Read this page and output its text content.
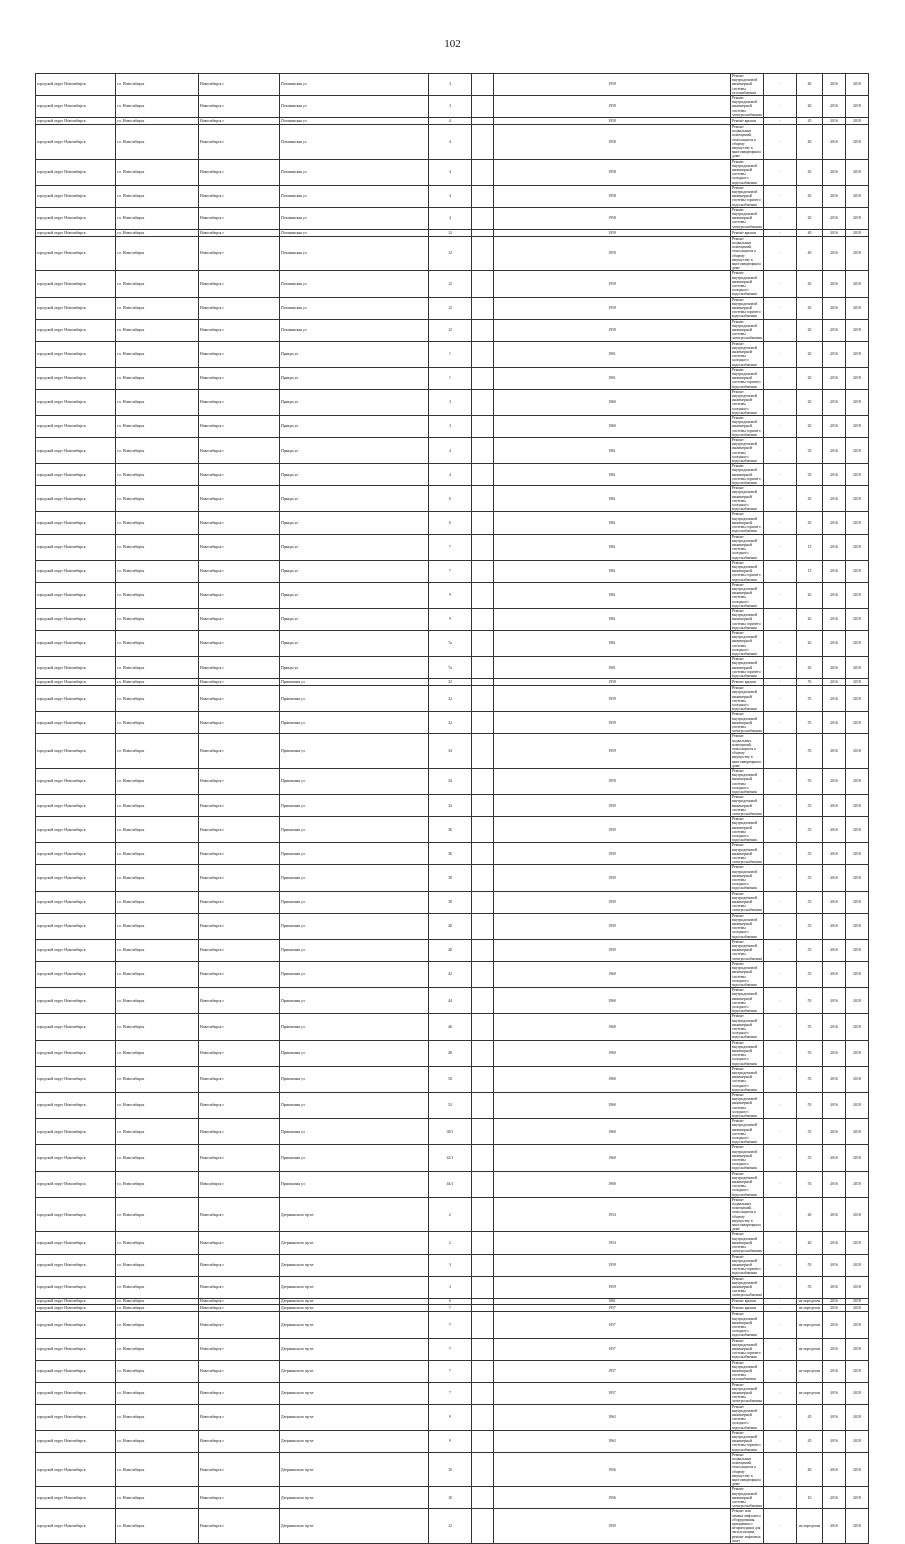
102
городской округ Новосибирск	г.о. Новосибирск	Новосибирск г	Потанинская ул	3		1959	Ремонт внутридомовой инженерной системы газоснабжения	-	40	2016	2018
городской округ Новосибирск	г.о. Новосибирск	Новосибирск г	Потанинская ул	3		1959	Ремонт внутридомовой инженерной системы электроснабжения	-	40	2016	2018
городской округ Новосибирск	г.о. Новосибирск	Новосибирск г	Потанинская ул	4		1958	Ремонт крыши	-	45	2016	2018
городской округ Новосибирск	г.о. Новосибирск	Новосибирск г	Потанинская ул	4		1958	Ремонт подвальных помещений, относящихся к общему имуществу в многоквартирном доме	-	40	2016	2018
городской округ Новосибирск	г.о. Новосибирск	Новосибирск г	Потанинская ул	4		1958	Ремонт внутридомовой инженерной системы холодного водоснабжения	-	45	2016	2018
городской округ Новосибирск	г.о. Новосибирск	Новосибирск г	Потанинская ул	4		1958	Ремонт внутридомовой инженерной системы горячего водоснабжения	-	45	2016	2018
городской округ Новосибирск	г.о. Новосибирск	Новосибирск г	Потанинская ул	4		1958	Ремонт внутридомовой инженерной системы электроснабжения	-	45	2016	2018
городской округ Новосибирск	г.о. Новосибирск	Новосибирск г	Потанинская ул	12		1959	Ремонт крыши	-	40	2016	2018
городской округ Новосибирск	г.о. Новосибирск	Новосибирск г	Потанинская ул	12		1959	Ремонт подвальных помещений, относящихся к общему имуществу в многоквартирном доме	-	40	2016	2018
городской округ Новосибирск	г.о. Новосибирск	Новосибирск г	Потанинская ул	12		1959	Ремонт внутридомовой инженерной системы холодного водоснабжения	-	45	2016	2018
городской округ Новосибирск	г.о. Новосибирск	Новосибирск г	Потанинская ул	12		1959	Ремонт внутридомовой инженерной системы горячего водоснабжения	-	45	2016	2018
городской округ Новосибирск	г.о. Новосибирск	Новосибирск г	Потанинская ул	12		1959	Ремонт внутридомовой инженерной системы электроснабжения	-	45	2016	2018
городской округ Новосибирск	г.о. Новосибирск	Новосибирск г	Правды ул	1		1961	Ремонт внутридомовой инженерной системы холодного водоснабжения	-	45	2016	2018
городской округ Новосибирск	г.о. Новосибирск	Новосибирск г	Правды ул	1		1961	Ремонт внутридомовой инженерной системы горячего водоснабжения	-	45	2016	2018
городской округ Новосибирск	г.о. Новосибирск	Новосибирск г	Правды ул	3		1960	Ремонт внутридомовой инженерной системы холодного водоснабжения	-	45	2016	2018
городской округ Новосибирск	г.о. Новосибирск	Новосибирск г	Правды ул	3		1960	Ремонт внутридомовой инженерной системы горячего водоснабжения	-	45	2016	2018
городской округ Новосибирск	г.о. Новосибирск	Новосибирск г	Правды ул	4		1961	Ремонт внутридомовой инженерной системы холодного водоснабжения	-	35	2016	2018
городской округ Новосибирск	г.о. Новосибирск	Новосибирск г	Правды ул	4		1961	Ремонт внутридомовой инженерной системы горячего водоснабжения	-	35	2016	2018
городской округ Новосибирск	г.о. Новосибирск	Новосибирск г	Правды ул	6		1961	Ремонт внутридомовой инженерной системы холодного водоснабжения	-	45	2016	2018
городской округ Новосибирск	г.о. Новосибирск	Новосибирск г	Правды ул	6		1961	Ремонт внутридомовой инженерной системы горячего водоснабжения	-	45	2016	2018
городской округ Новосибирск	г.о. Новосибирск	Новосибирск г	Правды ул	7		1961	Ремонт внутридомовой инженерной системы холодного водоснабжения	-	15	2016	2018
городской округ Новосибирск	г.о. Новосибирск	Новосибирск г	Правды ул	7		1961	Ремонт внутридомовой инженерной системы горячего водоснабжения	-	15	2016	2018
городской округ Новосибирск	г.о. Новосибирск	Новосибирск г	Правды ул	9		1961	Ремонт внутридомовой инженерной системы холодного водоснабжения	-	20	2016	2018
городской округ Новосибирск	г.о. Новосибирск	Новосибирск г	Правды ул	9		1961	Ремонт внутридомовой инженерной системы горячего водоснабжения	-	20	2016	2018
городской округ Новосибирск	г.о. Новосибирск	Новосибирск г	Правды ул	7а		1961	Ремонт внутридомовой инженерной системы холодного водоснабжения	-	20	2016	2018
городской округ Новосибирск	г.о. Новосибирск	Новосибирск г	Правды ул	7а		1961	Ремонт внутридомовой инженерной системы горячего водоснабжения	-	45	2016	2018
городской округ Новосибирск	г.о. Новосибирск	Новосибирск г	Приисковая ул	32		1959	Ремонт крыши	-	55	2016	2018
городской округ Новосибирск	г.о. Новосибирск	Новосибирск г	Приисковая ул	32		1959	Ремонт внутридомовой инженерной системы холодного водоснабжения	-	55	2016	2018
городской округ Новосибирск	г.о. Новосибирск	Новосибирск г	Приисковая ул	32		1959	Ремонт внутридомовой инженерной системы электроснабжения	-	55	2016	2018
городской округ Новосибирск	г.о. Новосибирск	Новосибирск г	Приисковая ул	34		1959	Ремонт подвальных помещений, относящихся к общему имуществу в многоквартирном доме	-	55	2016	2018
городской округ Новосибирск	г.о. Новосибирск	Новосибирск г	Приисковая ул	34		1959	Ремонт внутридомовой инженерной системы холодного водоснабжения	-	55	2016	2018
городской округ Новосибирск	г.о. Новосибирск	Новосибирск г	Приисковая ул	34		1959	Ремонт внутридомовой инженерной системы электроснабжения	-	55	2016	2018
городской округ Новосибирск	г.о. Новосибирск	Новосибирск г	Приисковая ул	36		1959	Ремонт внутридомовой инженерной системы холодного водоснабжения	-	55	2016	2018
городской округ Новосибирск	г.о. Новосибирск	Новосибирск г	Приисковая ул	36		1959	Ремонт внутридомовой инженерной системы электроснабжения	-	55	2016	2018
городской округ Новосибирск	г.о. Новосибирск	Новосибирск г	Приисковая ул	38		1959	Ремонт внутридомовой инженерной системы холодного водоснабжения	-	55	2016	2018
городской округ Новосибирск	г.о. Новосибирск	Новосибирск г	Приисковая ул	38		1959	Ремонт внутридомовой инженерной системы электроснабжения	-	55	2016	2018
городской округ Новосибирск	г.о. Новосибирск	Новосибирск г	Приисковая ул	40		1959	Ремонт внутридомовой инженерной системы холодного водоснабжения	-	55	2016	2018
городской округ Новосибирск	г.о. Новосибирск	Новосибирск г	Приисковая ул	40		1959	Ремонт внутридомовой инженерной системы электроснабжения	-	55	2016	2018
городской округ Новосибирск	г.о. Новосибирск	Новосибирск г	Приисковая ул	42		1960	Ремонт внутридомовой инженерной системы холодного водоснабжения	-	55	2016	2018
городской округ Новосибирск	г.о. Новосибирск	Новосибирск г	Приисковая ул	44		1960	Ремонт внутридомовой инженерной системы холодного водоснабжения	-	55	2016	2018
городской округ Новосибирск	г.о. Новосибирск	Новосибирск г	Приисковая ул	46		1960	Ремонт внутридомовой инженерной системы холодного водоснабжения	-	55	2016	2018
городской округ Новосибирск	г.о. Новосибирск	Новосибирск г	Приисковая ул	48		1960	Ремонт внутридомовой инженерной системы холодного водоснабжения	-	55	2016	2018
городской округ Новосибирск	г.о. Новосибирск	Новосибирск г	Приисковая ул	50		1960	Ремонт внутридомовой инженерной системы холодного водоснабжения	-	55	2016	2018
городской округ Новосибирск	г.о. Новосибирск	Новосибирск г	Приисковая ул	52		1960	Ремонт внутридомовой инженерной системы холодного водоснабжения	-	55	2016	2018
городской округ Новосибирск	г.о. Новосибирск	Новосибирск г	Приисковая ул	38/1		1960	Ремонт внутридомовой инженерной системы холодного водоснабжения	-	55	2016	2018
городской округ Новосибирск	г.о. Новосибирск	Новосибирск г	Приисковая ул	42/1		1960	Ремонт внутридомовой инженерной системы холодного водоснабжения	-	55	2016	2018
городской округ Новосибирск	г.о. Новосибирск	Новосибирск г	Приисковая ул	44/1		1960	Ремонт внутридомовой инженерной системы холодного водоснабжения	-	55	2016	2018
городской округ Новосибирск	г.о. Новосибирск	Новосибирск г	Дзержинского пр-кт	2		1954	Ремонт подвальных помещений, относящихся к общему имуществу в многоквартирном доме	-	40	2016	2018
городской округ Новосибирск	г.о. Новосибирск	Новосибирск г	Дзержинского пр-кт	2		1954	Ремонт внутридомовой инженерной системы электроснабжения	-	40	2016	2018
городской округ Новосибирск	г.о. Новосибирск	Новосибирск г	Дзержинского пр-кт	3		1959	Ремонт внутридомовой инженерной системы горячего водоснабжения	-	55	2016	2018
городской округ Новосибирск	г.о. Новосибирск	Новосибирск г	Дзержинского пр-кт	3		1959	Ремонт внутридомовой инженерной системы электроснабжения	-	55	2016	2018
городской округ Новосибирск	г.о. Новосибирск	Новосибирск г	Дзержинского пр-кт	6		1961	Ремонт крыши	-	не определен	2016	2018
городской округ Новосибирск	г.о. Новосибирск	Новосибирск г	Дзержинского пр-кт	7		1957	Ремонт крыши	-	не определен	2016	2018
городской округ Новосибирск	г.о. Новосибирск	Новосибирск г	Дзержинского пр-кт	7		1957	Ремонт внутридомовой инженерной системы холодного водоснабжения	-	не определен	2016	2018
городской округ Новосибирск	г.о. Новосибирск	Новосибирск г	Дзержинского пр-кт	7		1957	Ремонт внутридомовой инженерной системы горячего водоснабжения	-	не определен	2016	2018
городской округ Новосибирск	г.о. Новосибирск	Новосибирск г	Дзержинского пр-кт	7		1957	Ремонт внутридомовой инженерной системы газоснабжения	-	не определен	2016	2018
городской округ Новосибирск	г.о. Новосибирск	Новосибирск г	Дзержинского пр-кт	7		1957	Ремонт внутридомовой инженерной системы электроснабжения	-	не определен	2016	2018
городской округ Новосибирск	г.о. Новосибирск	Новосибирск г	Дзержинского пр-кт	9		1962	Ремонт внутридомовой инженерной системы холодного водоснабжения	-	45	2016	2018
городской округ Новосибирск	г.о. Новосибирск	Новосибирск г	Дзержинского пр-кт	9		1962	Ремонт внутридомовой инженерной системы горячего водоснабжения	-	45	2016	2018
городской округ Новосибирск	г.о. Новосибирск	Новосибирск г	Дзержинского пр-кт	10		1956	Ремонт подвальных помещений, относящихся к общему имуществу в многоквартирном доме	-	40	2016	2018
городской округ Новосибирск	г.о. Новосибирск	Новосибирск г	Дзержинского пр-кт	10		1956	Ремонт внутридомовой инженерной системы электроснабжения	-	10	2016	2018
городской округ Новосибирск	г.о. Новосибирск	Новосибирск г	Дзержинского пр-кт	12		1959	Ремонт или замена лифтового оборудования, признанного непригодным для эксплуатации, ремонт лифтовых шахт	-	не определен	2016	2018
